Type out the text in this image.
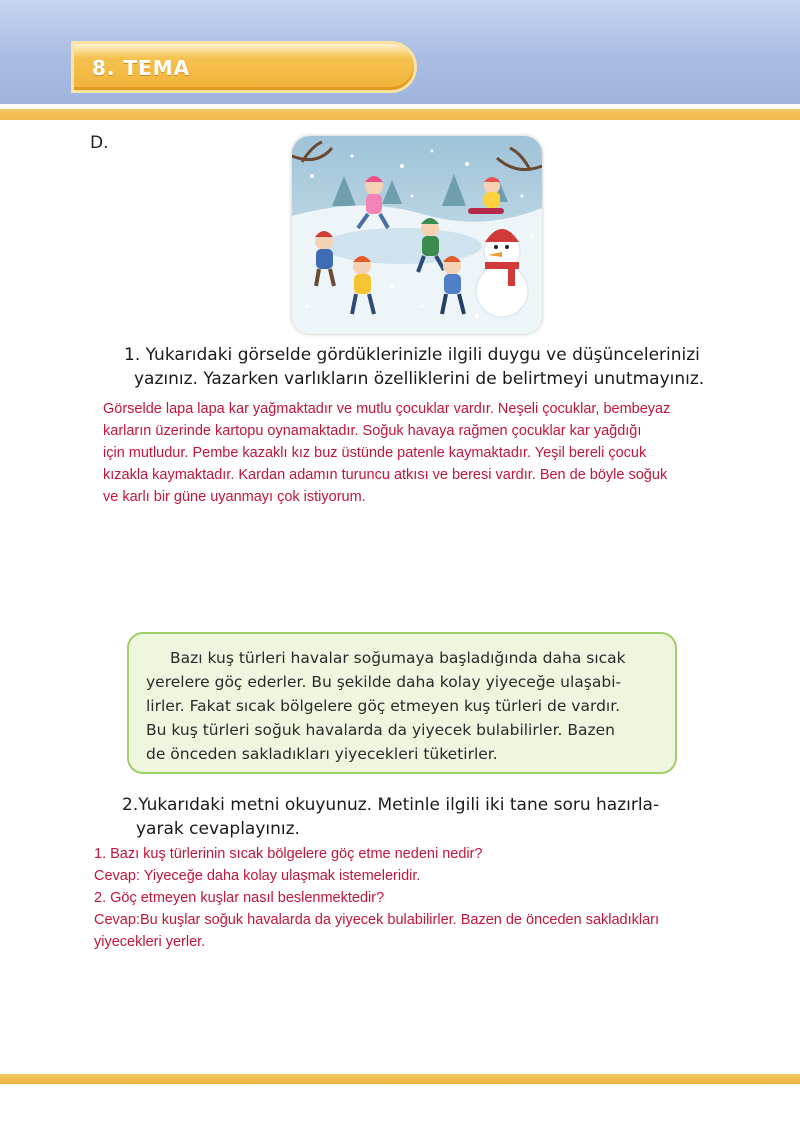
8. TEMA
D.
1. Yukarıdaki görselde gördüklerinizle ilgili duygu ve düşüncelerinizi
yazınız. Yazarken varlıkların özelliklerini de belirtmeyi unutmayınız.
Görselde lapa lapa kar yağmaktadır ve mutlu çocuklar vardır. Neşeli çocuklar, bembeyaz
karların üzerinde kartopu oynamaktadır. Soğuk havaya rağmen çocuklar kar yağdığı
için mutludur. Pembe kazaklı kız buz üstünde patenle kaymaktadır. Yeşil bereli çocuk
kızakla kaymaktadır. Kardan adamın turuncu atkısı ve beresi vardır. Ben de böyle soğuk
ve karlı bir güne uyanmayı çok istiyorum.
Bazı kuş türleri havalar soğumaya başladığında daha sıcak
yerelere göç ederler. Bu şekilde daha kolay yiyeceğe ulaşabi-
lirler. Fakat sıcak bölgelere göç etmeyen kuş türleri de vardır.
Bu kuş türleri soğuk havalarda da yiyecek bulabilirler. Bazen
de önceden sakladıkları yiyecekleri tüketirler.
2.Yukarıdaki metni okuyunuz. Metinle ilgili iki tane soru hazırla-
yarak cevaplayınız.
1. Bazı kuş türlerinin sıcak bölgelere göç etme nedeni nedir?
Cevap: Yiyeceğe daha kolay ulaşmak istemeleridir.
2. Göç etmeyen kuşlar nasıl beslenmektedir?
Cevap:Bu kuşlar soğuk havalarda da yiyecek bulabilirler. Bazen de önceden sakladıkları
yiyecekleri yerler.
